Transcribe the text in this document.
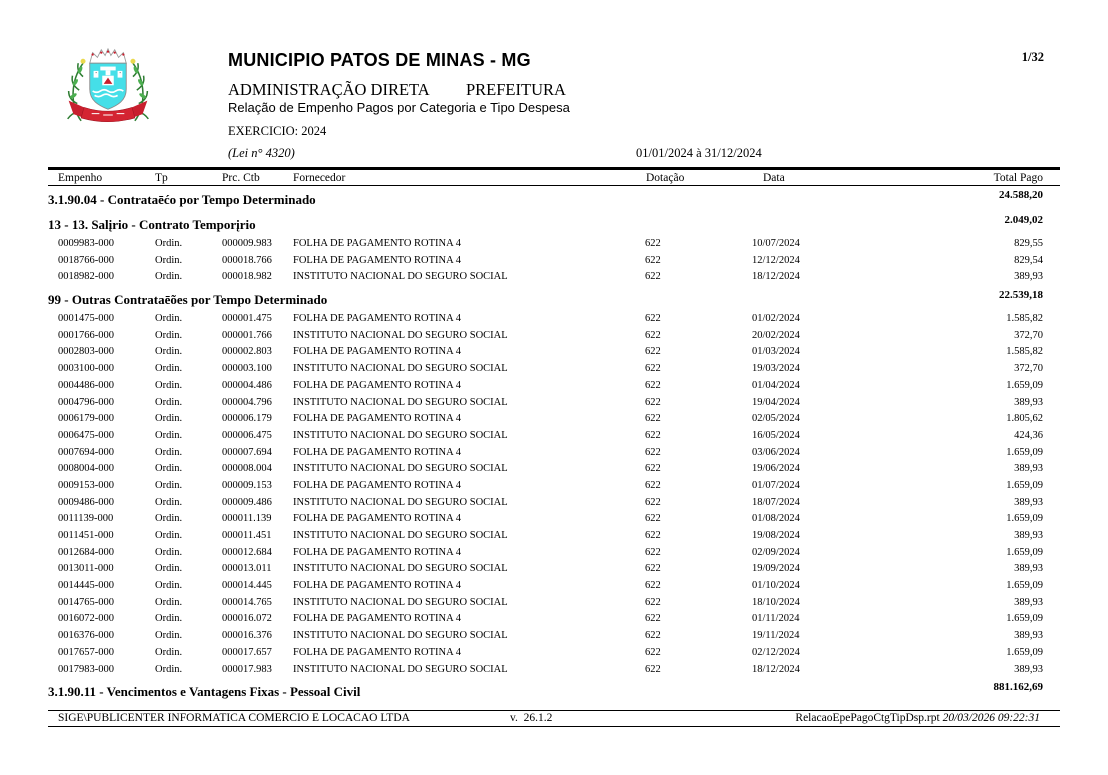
MUNICIPIO PATOS DE MINAS - MG
ADMINISTRAÇÃO DIRETA PREFEITURA
Relação de Empenho Pagos por Categoria e Tipo Despesa
EXERCICIO: 2024
(Lei n° 4320)	01/01/2024 à 31/12/2024
1/32
Empenho	Tp	Prc. Ctb	Fornecedor	Dotação	Data	Total Pago
3.1.90.04 - Contrataēćo por Tempo Determinado	24.588,20
13 - 13. Salįrio - Contrato Temporįrio	2.049,02
0009983-000	Ordin.	000009.983	FOLHA DE PAGAMENTO ROTINA 4	622	10/07/2024	829,55
0018766-000	Ordin.	000018.766	FOLHA DE PAGAMENTO ROTINA 4	622	12/12/2024	829,54
0018982-000	Ordin.	000018.982	INSTITUTO NACIONAL DO SEGURO SOCIAL	622	18/12/2024	389,93
99 - Outras Contrataēões por Tempo Determinado	22.539,18
0001475-000	Ordin.	000001.475	FOLHA DE PAGAMENTO ROTINA 4	622	01/02/2024	1.585,82
0001766-000	Ordin.	000001.766	INSTITUTO NACIONAL DO SEGURO SOCIAL	622	20/02/2024	372,70
0002803-000	Ordin.	000002.803	FOLHA DE PAGAMENTO ROTINA 4	622	01/03/2024	1.585,82
0003100-000	Ordin.	000003.100	INSTITUTO NACIONAL DO SEGURO SOCIAL	622	19/03/2024	372,70
0004486-000	Ordin.	000004.486	FOLHA DE PAGAMENTO ROTINA 4	622	01/04/2024	1.659,09
0004796-000	Ordin.	000004.796	INSTITUTO NACIONAL DO SEGURO SOCIAL	622	19/04/2024	389,93
0006179-000	Ordin.	000006.179	FOLHA DE PAGAMENTO ROTINA 4	622	02/05/2024	1.805,62
0006475-000	Ordin.	000006.475	INSTITUTO NACIONAL DO SEGURO SOCIAL	622	16/05/2024	424,36
0007694-000	Ordin.	000007.694	FOLHA DE PAGAMENTO ROTINA 4	622	03/06/2024	1.659,09
0008004-000	Ordin.	000008.004	INSTITUTO NACIONAL DO SEGURO SOCIAL	622	19/06/2024	389,93
0009153-000	Ordin.	000009.153	FOLHA DE PAGAMENTO ROTINA 4	622	01/07/2024	1.659,09
0009486-000	Ordin.	000009.486	INSTITUTO NACIONAL DO SEGURO SOCIAL	622	18/07/2024	389,93
0011139-000	Ordin.	000011.139	FOLHA DE PAGAMENTO ROTINA 4	622	01/08/2024	1.659,09
0011451-000	Ordin.	000011.451	INSTITUTO NACIONAL DO SEGURO SOCIAL	622	19/08/2024	389,93
0012684-000	Ordin.	000012.684	FOLHA DE PAGAMENTO ROTINA 4	622	02/09/2024	1.659,09
0013011-000	Ordin.	000013.011	INSTITUTO NACIONAL DO SEGURO SOCIAL	622	19/09/2024	389,93
0014445-000	Ordin.	000014.445	FOLHA DE PAGAMENTO ROTINA 4	622	01/10/2024	1.659,09
0014765-000	Ordin.	000014.765	INSTITUTO NACIONAL DO SEGURO SOCIAL	622	18/10/2024	389,93
0016072-000	Ordin.	000016.072	FOLHA DE PAGAMENTO ROTINA 4	622	01/11/2024	1.659,09
0016376-000	Ordin.	000016.376	INSTITUTO NACIONAL DO SEGURO SOCIAL	622	19/11/2024	389,93
0017657-000	Ordin.	000017.657	FOLHA DE PAGAMENTO ROTINA 4	622	02/12/2024	1.659,09
0017983-000	Ordin.	000017.983	INSTITUTO NACIONAL DO SEGURO SOCIAL	622	18/12/2024	389,93
3.1.90.11 - Vencimentos e Vantagens Fixas - Pessoal Civil	881.162,69
SIGE\PUBLICENTER INFORMATICA COMERCIO E LOCACAO LTDA	v.  26.1.2	RelacaoEpePagoCtgTipDsp.rpt 20/03/2026 09:22:31
